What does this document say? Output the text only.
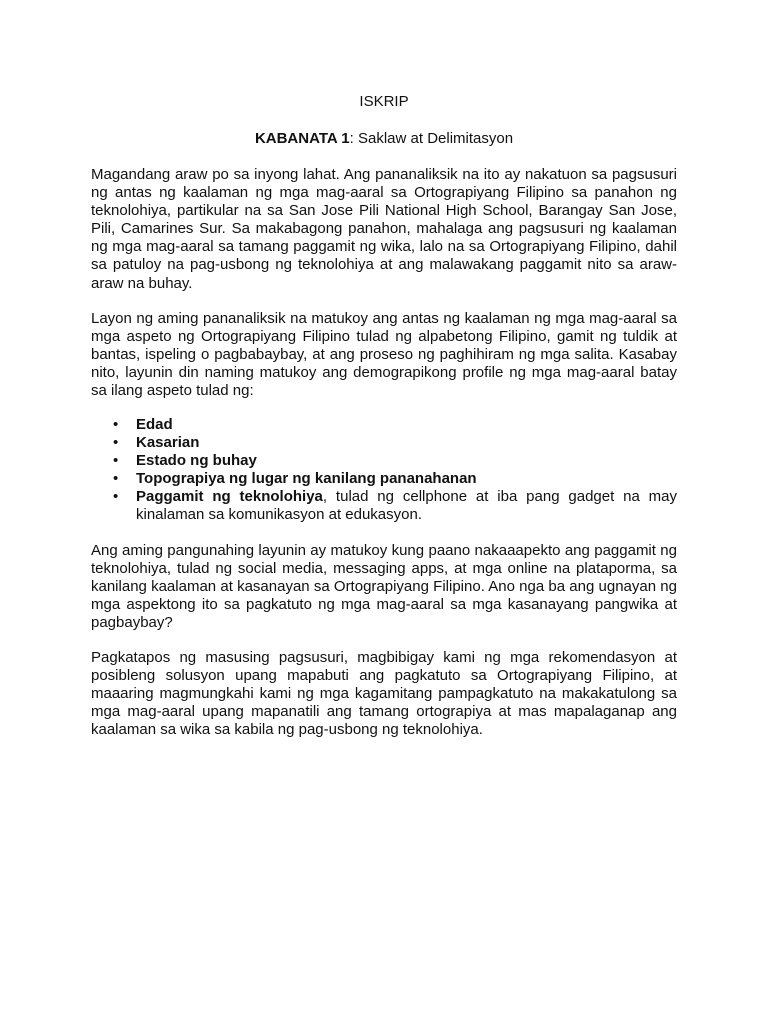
ISKRIP
KABANATA 1: Saklaw at Delimitasyon

Magandang araw po sa inyong lahat. Ang pananaliksik na ito ay nakatuon sa pagsusuri ng antas ng kaalaman ng mga mag-aaral sa Ortograpiyang Filipino sa panahon ng teknolohiya, partikular na sa San Jose Pili National High School, Barangay San Jose, Pili, Camarines Sur. Sa makabagong panahon, mahalaga ang pagsusuri ng kaalaman ng mga mag-aaral sa tamang paggamit ng wika, lalo na sa Ortograpiyang Filipino, dahil sa patuloy na pag-usbong ng teknolohiya at ang malawakang paggamit nito sa araw-araw na buhay.

Layon ng aming pananaliksik na matukoy ang antas ng kaalaman ng mga mag-aaral sa mga aspeto ng Ortograpiyang Filipino tulad ng alpabetong Filipino, gamit ng tuldik at bantas, ispeling o pagbabaybay, at ang proseso ng paghihiram ng mga salita. Kasabay nito, layunin din naming matukoy ang demograpikong profile ng mga mag-aaral batay sa ilang aspeto tulad ng:

• Edad
• Kasarian
• Estado ng buhay
• Topograpiya ng lugar ng kanilang pananahanan
• Paggamit ng teknolohiya, tulad ng cellphone at iba pang gadget na may kinalaman sa komunikasyon at edukasyon.

Ang aming pangunahing layunin ay matukoy kung paano nakaaapekto ang paggamit ng teknolohiya, tulad ng social media, messaging apps, at mga online na plataporma, sa kanilang kaalaman at kasanayan sa Ortograpiyang Filipino. Ano nga ba ang ugnayan ng mga aspektong ito sa pagkatuto ng mga mag-aaral sa mga kasanayang pangwika at pagbaybay?

Pagkatapos ng masusing pagsusuri, magbibigay kami ng mga rekomendasyon at posibleng solusyon upang mapabuti ang pagkatuto sa Ortograpiyang Filipino, at maaaring magmungkahi kami ng mga kagamitang pampagkatuto na makakatulong sa mga mag-aaral upang mapanatili ang tamang ortograpiya at mas mapalaganap ang kaalaman sa wika sa kabila ng pag-usbong ng teknolohiya.
